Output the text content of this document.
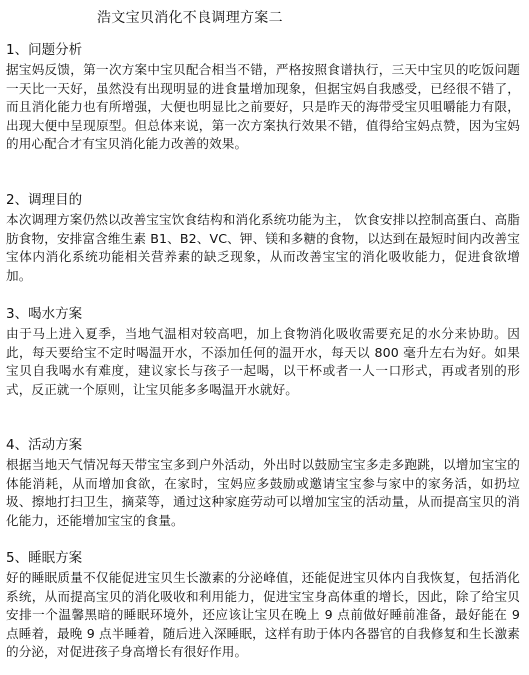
浩文宝贝消化不良调理方案二
1、问题分析

据宝妈反馈，第一次方案中宝贝配合相当不错，严格按照食谱执行，三天中宝贝的吃饭问题一天比一天好，虽然没有出现明显的进食量增加现象，但据宝妈自我感受，已经很不错了，而且消化能力也有所增强，大便也明显比之前要好，只是昨天的海带受宝贝咀嚼能力有限，出现大便中呈现原型。但总体来说，第一次方案执行效果不错，值得给宝妈点赞，因为宝妈的用心配合才有宝贝消化能力改善的效果。

2、调理目的

本次调理方案仍然以改善宝宝饮食结构和消化系统功能为主， 饮食安排以控制高蛋白、高脂肪食物，安排富含维生素 B1、B2、VC、钾、镁和多糖的食物，以达到在最短时间内改善宝宝体内消化系统功能相关营养素的缺乏现象，从而改善宝宝的消化吸收能力，促进食欲增加。

3、喝水方案

由于马上进入夏季，当地气温相对较高吧，加上食物消化吸收需要充足的水分来协助。因此，每天要给宝不定时喝温开水，不添加任何的温开水，每天以 800 毫升左右为好。如果宝贝自我喝水有难度，建议家长与孩子一起喝，以干杯或者一人一口形式，再或者别的形式，反正就一个原则，让宝贝能多多喝温开水就好。

4、活动方案

根据当地天气情况每天带宝宝多到户外活动，外出时以鼓励宝宝多走多跑跳，以增加宝宝的体能消耗，从而增加食欲，在家时，宝妈应多鼓励或邀请宝宝参与家中的家务活，如扔垃圾、擦地打扫卫生，摘菜等，通过这种家庭劳动可以增加宝宝的活动量，从而提高宝贝的消化能力，还能增加宝宝的食量。

5、睡眠方案

好的睡眠质量不仅能促进宝贝生长激素的分泌峰值，还能促进宝贝体内自我恢复，包括消化系统，从而提高宝贝的消化吸收和利用能力，促进宝宝身高体重的增长，因此，除了给宝贝安排一个温馨黑暗的睡眠环境外，还应该让宝贝在晚上 9 点前做好睡前准备，最好能在 9 点睡着，最晚 9 点半睡着，随后进入深睡眠，这样有助于体内各器官的自我修复和生长激素的分泌，对促进孩子身高增长有很好作用。
